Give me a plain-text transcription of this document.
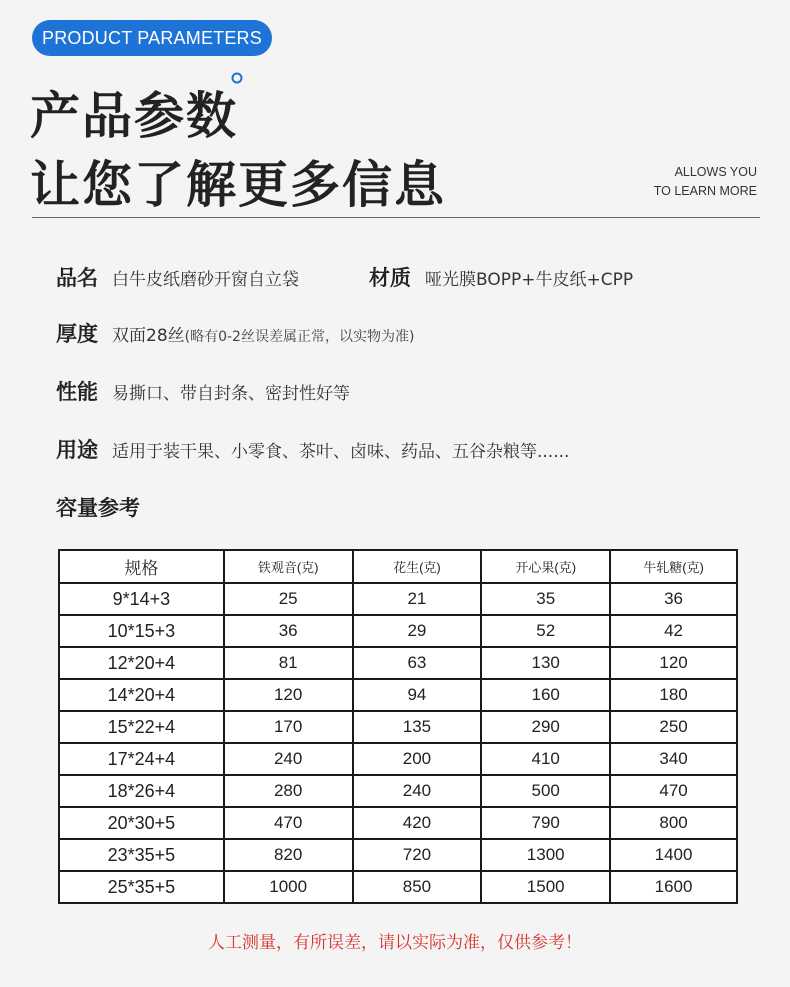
PRODUCT PARAMETERS
产品参数
让您了解更多信息	ALLOWS YOU
TO LEARN MORE
品名 白牛皮纸磨砂开窗自立袋	材质 哑光膜BOPP+牛皮纸+CPP
厚度 双面28丝(略有0-2丝误差属正常，以实物为准)
性能 易撕口、带自封条、密封性好等
用途 适用于装干果、小零食、茶叶、卤味、药品、五谷杂粮等......
容量参考
规格	铁观音(克)	花生(克)	开心果(克)	牛轧糖(克)
9*14+3	25	21	35	36
10*15+3	36	29	52	42
12*20+4	81	63	130	120
14*20+4	120	94	160	180
15*22+4	170	135	290	250
17*24+4	240	200	410	340
18*26+4	280	240	500	470
20*30+5	470	420	790	800
23*35+5	820	720	1300	1400
25*35+5	1000	850	1500	1600
人工测量，有所误差，请以实际为准，仅供参考！
